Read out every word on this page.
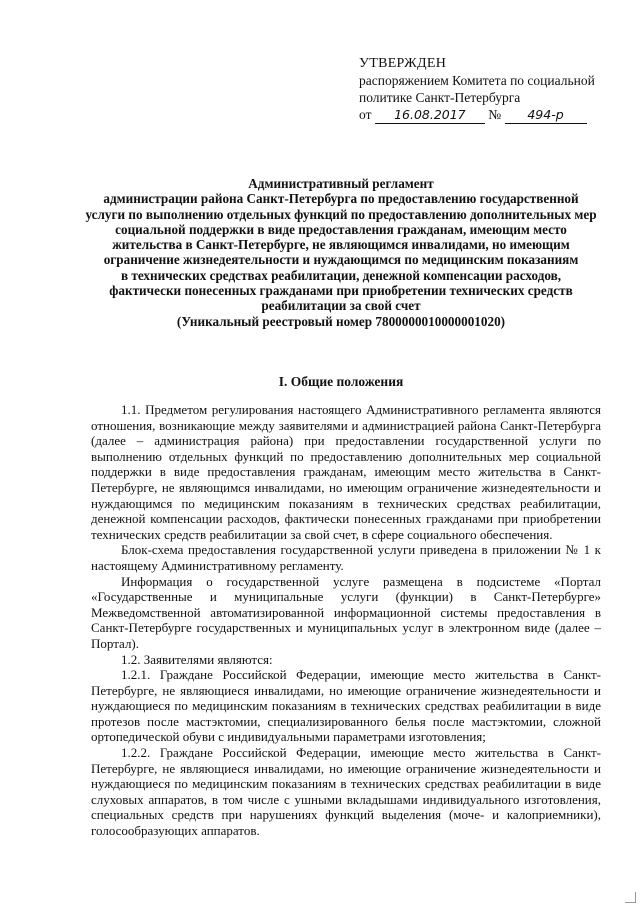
УТВЕРЖДЕН
распоряжением Комитета по социальной
политике Санкт-Петербурга
от 16.08.2017 № 494-р
Административный регламент
администрации района Санкт-Петербурга по предоставлению государственной
услуги по выполнению отдельных функций по предоставлению дополнительных мер
социальной поддержки в виде предоставления гражданам, имеющим место
жительства в Санкт-Петербурге, не являющимся инвалидами, но имеющим
ограничение жизнедеятельности и нуждающимся по медицинским показаниям
в технических средствах реабилитации, денежной компенсации расходов,
фактически понесенных гражданами при приобретении технических средств
реабилитации за свой счет
(Уникальный реестровый номер 7800000010000001020)
I. Общие положения

1.1. Предметом регулирования настоящего Административного регламента являются отношения, возникающие между заявителями и администрацией района Санкт-Петербурга (далее – администрация района) при предоставлении государственной услуги по выполнению отдельных функций по предоставлению дополнительных мер социальной поддержки в виде предоставления гражданам, имеющим место жительства в Санкт-Петербурге, не являющимся инвалидами, но имеющим ограничение жизнедеятельности и нуждающимся по медицинским показаниям в технических средствах реабилитации, денежной компенсации расходов, фактически понесенных гражданами при приобретении технических средств реабилитации за свой счет, в сфере социального обеспечения.

Блок-схема предоставления государственной услуги приведена в приложении № 1 к настоящему Административному регламенту.

Информация о государственной услуге размещена в подсистеме «Портал «Государственные и муниципальные услуги (функции) в Санкт-Петербурге» Межведомственной автоматизированной информационной системы предоставления в Санкт-Петербурге государственных и муниципальных услуг в электронном виде (далее – Портал).

1.2. Заявителями являются:

1.2.1. Граждане Российской Федерации, имеющие место жительства в Санкт-Петербурге, не являющиеся инвалидами, но имеющие ограничение жизнедеятельности и нуждающиеся по медицинским показаниям в технических средствах реабилитации в виде протезов после мастэктомии, специализированного белья после мастэктомии, сложной ортопедической обуви с индивидуальными параметрами изготовления;

1.2.2. Граждане Российской Федерации, имеющие место жительства в Санкт-Петербурге, не являющиеся инвалидами, но имеющие ограничение жизнедеятельности и нуждающиеся по медицинским показаниям в технических средствах реабилитации в виде слуховых аппаратов, в том числе с ушными вкладышами индивидуального изготовления, специальных средств при нарушениях функций выделения (моче- и калоприемники), голосообразующих аппаратов.
